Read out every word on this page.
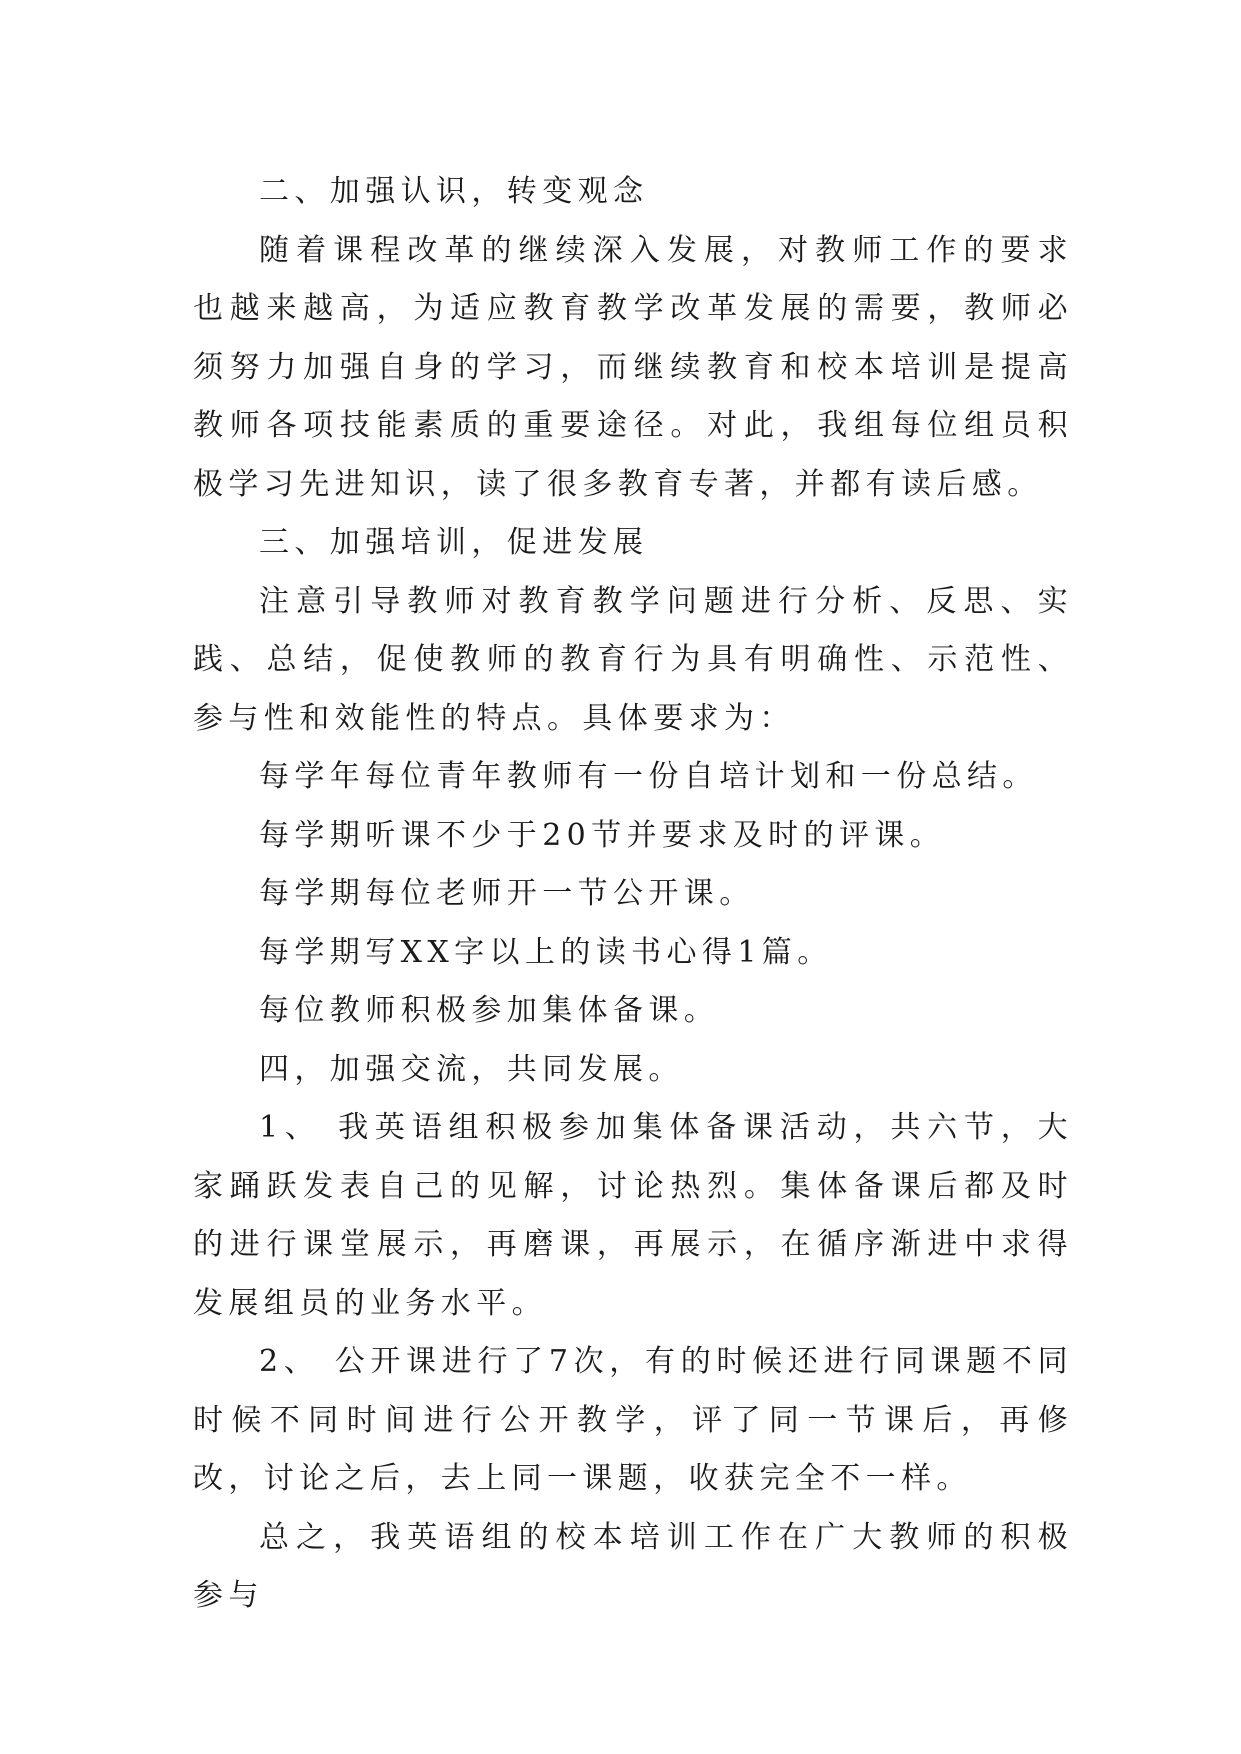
二、加强认识，转变观念

随着课程改革的继续深入发展，对教师工作的要求也越来越高，为适应教育教学改革发展的需要，教师必须努力加强自身的学习，而继续教育和校本培训是提高教师各项技能素质的重要途径。对此，我组每位组员积极学习先进知识，读了很多教育专著，并都有读后感。

三、加强培训，促进发展

注意引导教师对教育教学问题进行分析、反思、实践、总结，促使教师的教育行为具有明确性、示范性、参与性和效能性的特点。具体要求为：

每学年每位青年教师有一份自培计划和一份总结。

每学期听课不少于20节并要求及时的评课。

每学期每位老师开一节公开课。

每学期写XX字以上的读书心得1篇。

每位教师积极参加集体备课。

四，加强交流，共同发展。

1、 我英语组积极参加集体备课活动，共六节，大家踊跃发表自己的见解，讨论热烈。集体备课后都及时的进行课堂展示，再磨课，再展示，在循序渐进中求得发展组员的业务水平。

2、 公开课进行了7次，有的时候还进行同课题不同时候不同时间进行公开教学，评了同一节课后，再修改，讨论之后，去上同一课题，收获完全不一样。

总之，我英语组的校本培训工作在广大教师的积极参与
